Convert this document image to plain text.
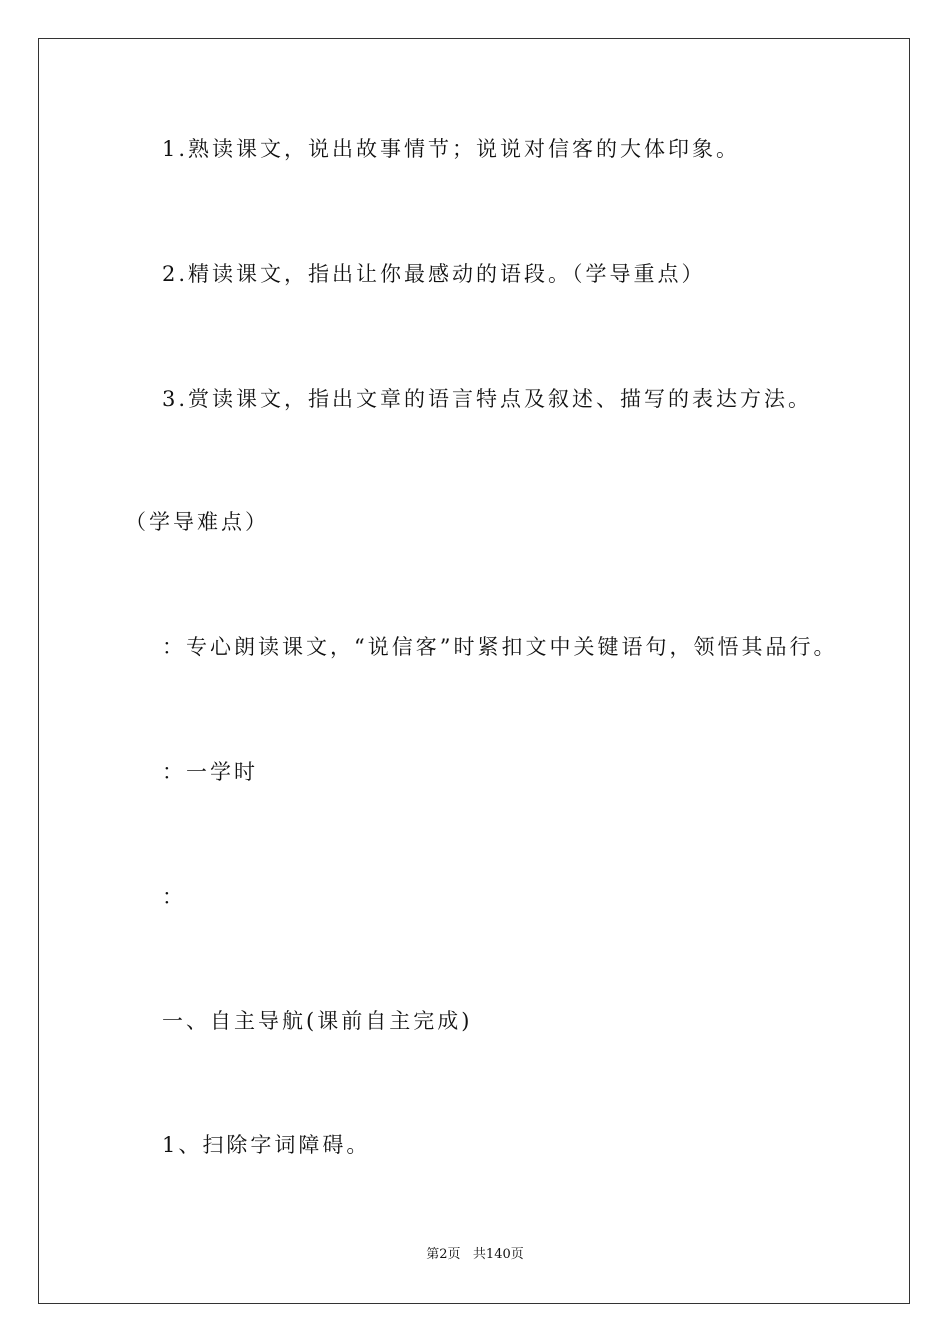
1.熟读课文，说出故事情节；说说对信客的大体印象。
2.精读课文，指出让你最感动的语段。（学导重点）
3.赏读课文，指出文章的语言特点及叙述、描写的表达方法。
（学导难点）
：专心朗读课文，“说信客”时紧扣文中关键语句，领悟其品行。
：一学时
：
一、自主导航(课前自主完成)
1、扫除字词障碍。
第2页   共140页
